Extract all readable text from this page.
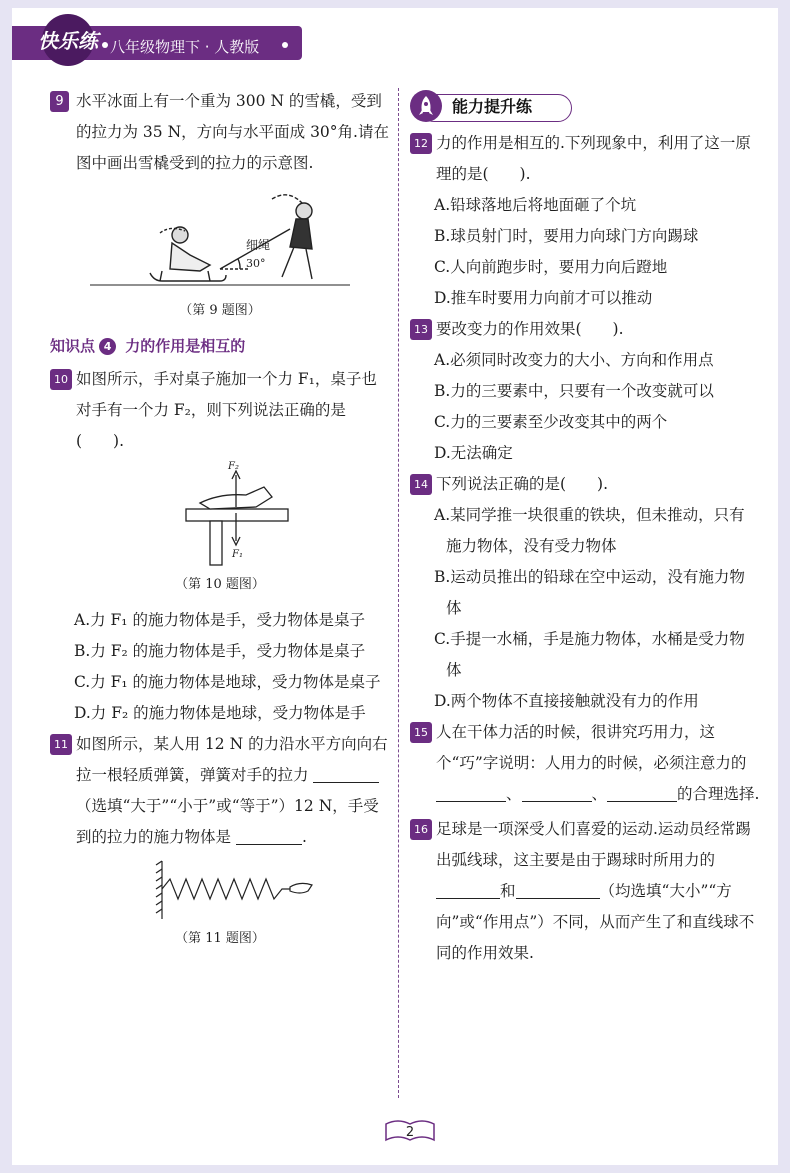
八年级物理下 · 人教版
快乐练
9 水平冰面上有一个重为 300 N 的雪橇，受到的拉力为 35 N，方向与水平面成 30°角.请在图中画出雪橇受到的拉力的示意图.
细绳
30°
（第 9 题图）
知识点 4 力的作用是相互的
10 如图所示，手对桌子施加一个力 F₁，桌子也对手有一个力 F₂，则下列说法正确的是(　　).
F₂
F₁
（第 10 题图）
A.力 F₁ 的施力物体是手，受力物体是桌子
B.力 F₂ 的施力物体是手，受力物体是桌子
C.力 F₁ 的施力物体是地球，受力物体是桌子
D.力 F₂ 的施力物体是地球，受力物体是手
11 如图所示，某人用 12 N 的力沿水平方向向右拉一根轻质弹簧，弹簧对手的拉力 （选填“大于”“小于”或“等于”）12 N，手受到的拉力的施力物体是	.
（第 11 题图）
能力提升练
12 力的作用是相互的.下列现象中，利用了这一原理的是(　　).
A.铅球落地后将地面砸了个坑
B.球员射门时，要用力向球门方向踢球
C.人向前跑步时，要用力向后蹬地
D.推车时要用力向前才可以推动
13 要改变力的作用效果(　　).
A.必须同时改变力的大小、方向和作用点
B.力的三要素中，只要有一个改变就可以
C.力的三要素至少改变其中的两个
D.无法确定
14 下列说法正确的是(　　).
A.某同学推一块很重的铁块，但未推动，只有施力物体，没有受力物体
B.运动员推出的铅球在空中运动，没有施力物体
C.手提一水桶，手是施力物体，水桶是受力物体
D.两个物体不直接接触就没有力的作用
15 人在干体力活的时候，很讲究巧用力，这个“巧”字说明：人用力的时候，必须注意力的 、	、	的合理选择.
16 足球是一项深受人们喜爱的运动.运动员经常踢出弧线球，这主要是由于踢球时所用力的 和	（均选填“大小”“方向”或“作用点”）不同，从而产生了和直线球不同的作用效果.
2
